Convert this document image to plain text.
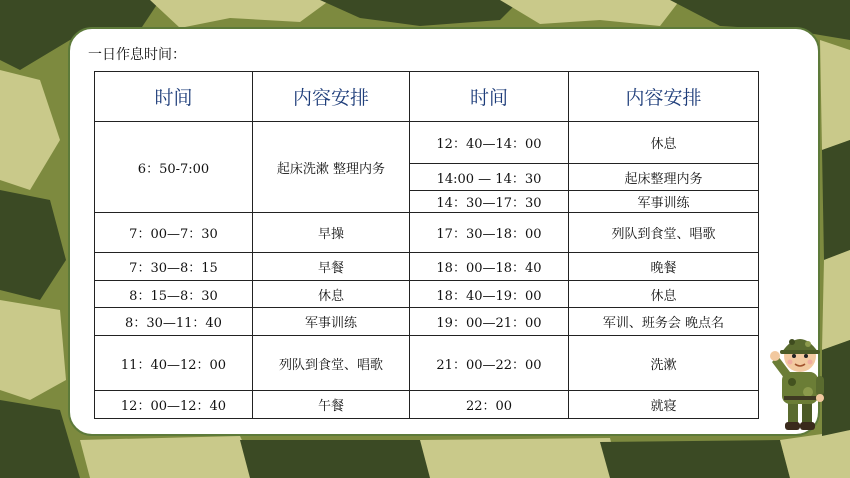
一日作息时间：
时间	内容安排	时间	内容安排
6：50-7:00	起床洗漱 整理内务	12：40—14：00	休息
		14:00 — 14：30	起床整理内务
		14：30—17：30	军事训练
7：00—7：30	早操	17：30—18：00	列队到食堂、唱歌
7：30—8：15	早餐	18：00—18：40	晚餐
8：15—8：30	休息	18：40—19：00	休息
8：30—11：40	军事训练	19：00—21：00	军训、班务会 晚点名
11：40—12：00	列队到食堂、唱歌	21：00—22：00	洗漱
12：00—12：40	午餐	22：00	就寝
